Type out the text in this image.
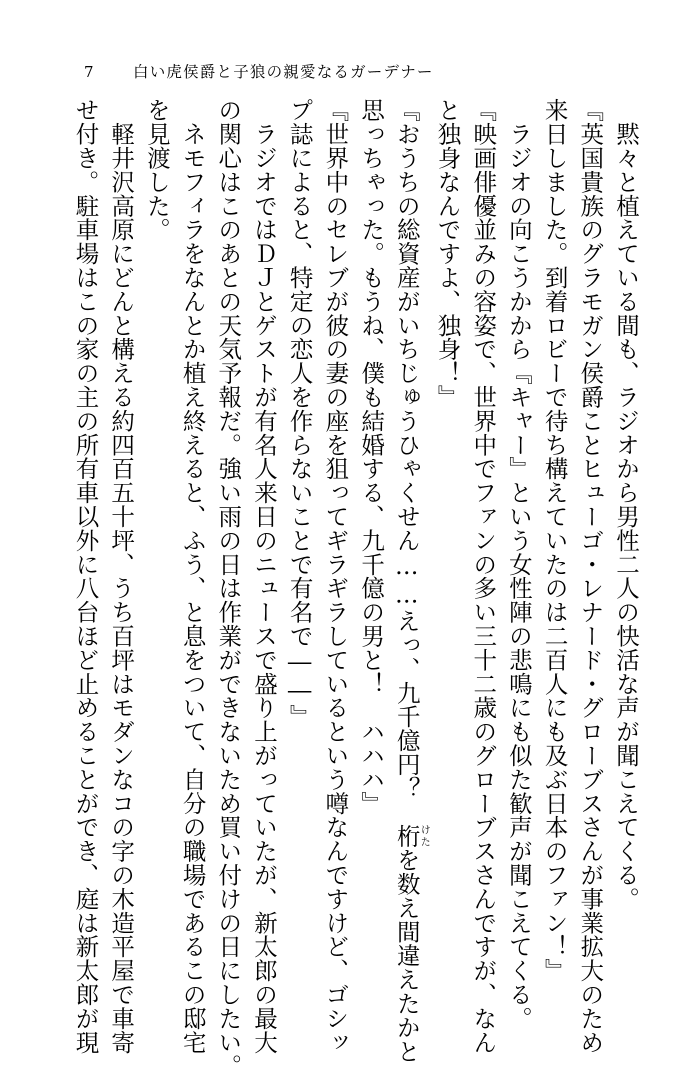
7	白い虎侯爵と子狼の親愛なるガーデナー
　黙々と植えている間も、ラジオから男性二人の快活な声が聞こえてくる。
『英国貴族のグラモガン侯爵ことヒューゴ・レナード・グローブスさんが事業拡大のため
来日しました。到着ロビーで待ち構えていたのは二百人にも及ぶ日本のファン！』
　ラジオの向こうかから『キャー』という女性陣の悲鳴にも似た歓声が聞こえてくる。
『映画俳優並みの容姿で、世界中でファンの多い三十二歳のグローブスさんですが、なん
と独身なんですよ、独身！』
『おうちの総資産がいちじゅうひゃくせん……えっ、九千億円？　桁けたを数え間違えたかと
思っちゃった。もうね、僕も結婚する、九千億の男と！　ハハハ』
『世界中のセレブが彼の妻の座を狙ってギラギラしているという噂なんですけど、ゴシッ
プ誌によると、特定の恋人を作らないことで有名で――』
　ラジオではＤＪとゲストが有名人来日のニュースで盛り上がっていたが、新太郎の最大
の関心はこのあとの天気予報だ。強い雨の日は作業ができないため買い付けの日にしたい。
　ネモフィラをなんとか植え終えると、ふう、と息をついて、自分の職場であるこの邸宅
を見渡した。
　軽井沢高原にどんと構える約四百五十坪、うち百坪はモダンなコの字の木造平屋で車寄
せ付き。駐車場はこの家の主の所有車以外に八台ほど止めることができ、庭は新太郎が現
